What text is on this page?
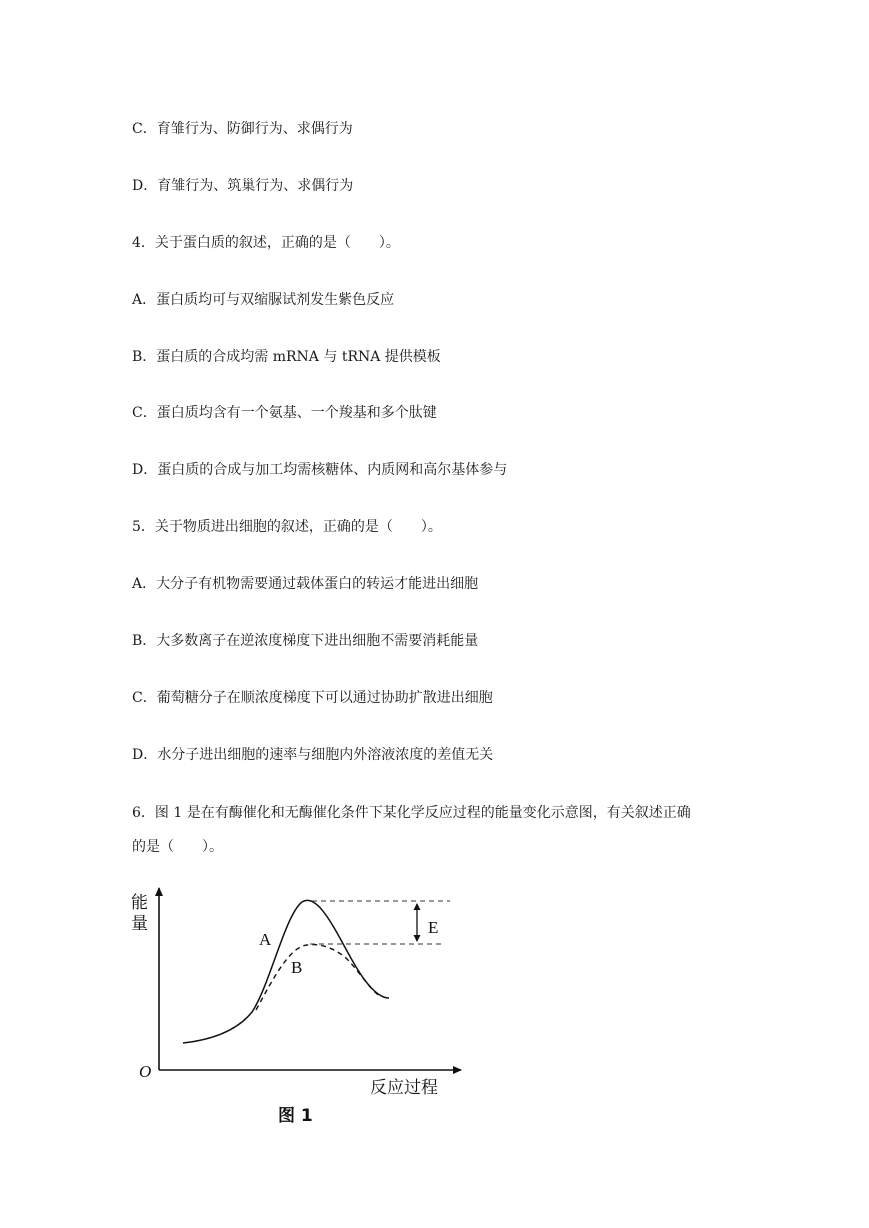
C．育雏行为、防御行为、求偶行为
D．育雏行为、筑巢行为、求偶行为
4．关于蛋白质的叙述，正确的是（　　）。
A．蛋白质均可与双缩脲试剂发生紫色反应
B．蛋白质的合成均需 mRNA 与 tRNA 提供模板
C．蛋白质均含有一个氨基、一个羧基和多个肽键
D．蛋白质的合成与加工均需核糖体、内质网和高尔基体参与
5．关于物质进出细胞的叙述，正确的是（　　）。
A．大分子有机物需要通过载体蛋白的转运才能进出细胞
B．大多数离子在逆浓度梯度下进出细胞不需要消耗能量
C．葡萄糖分子在顺浓度梯度下可以通过协助扩散进出细胞
D．水分子进出细胞的速率与细胞内外溶液浓度的差值无关
6．图 1 是在有酶催化和无酶催化条件下某化学反应过程的能量变化示意图，有关叙述正确
的是（　　）。
能
量
O
反应过程
A
B
E
图 1
